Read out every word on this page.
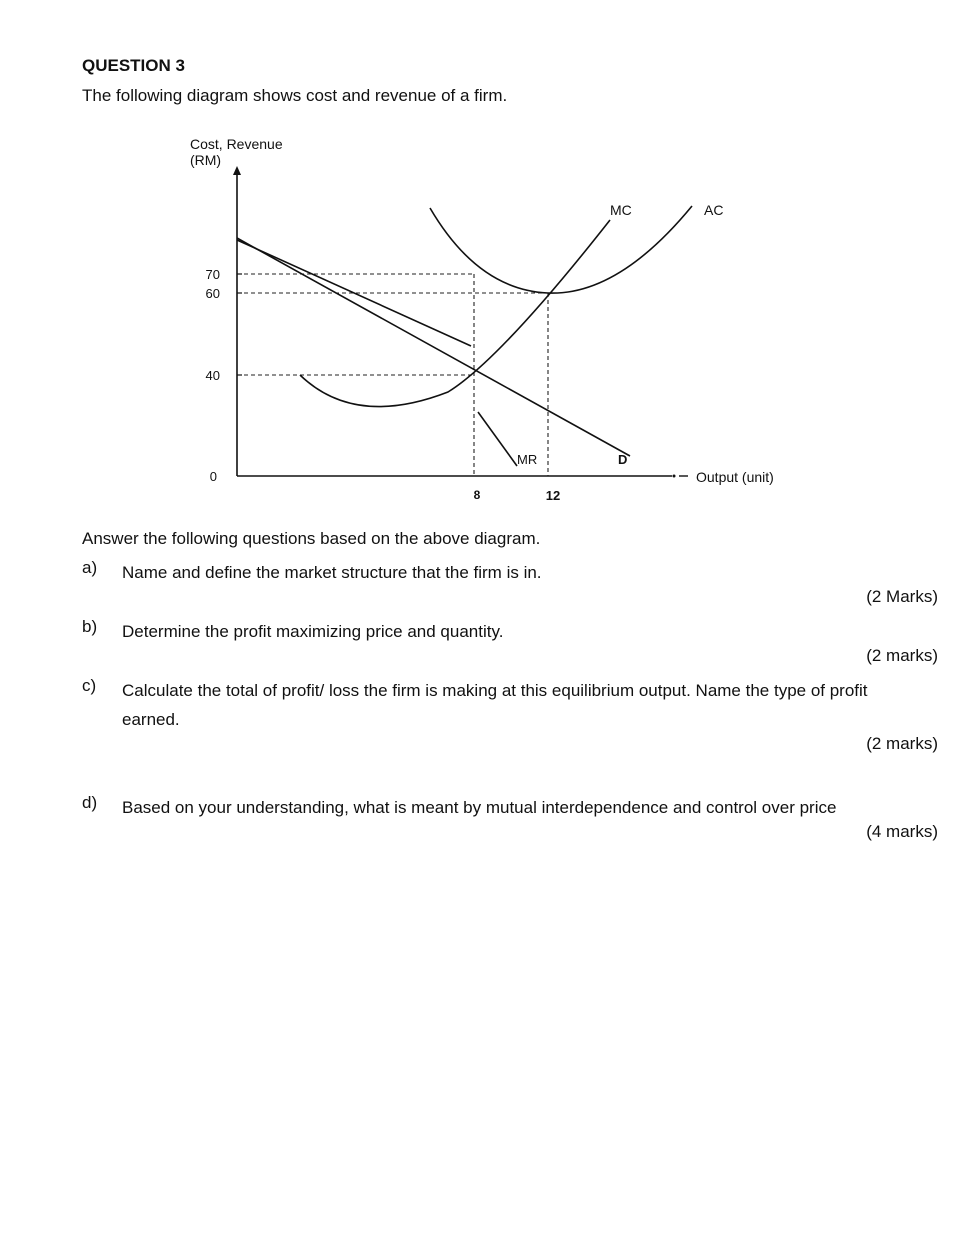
QUESTION 3
The following diagram shows cost and revenue of a firm.
Cost, Revenue
(RM)
70
60
40
0
MC	AC
MR	D
8	12
Output (unit)
Answer the following questions based on the above diagram.
a) Name and define the market structure that the firm is in.
(2 Marks)
b) Determine the profit maximizing price and quantity.
(2 marks)
c) Calculate the total of profit/ loss the firm is making at this equilibrium output. Name the type of profit earned.
(2 marks)
d) Based on your understanding, what is meant by mutual interdependence and control over price
(4 marks)
